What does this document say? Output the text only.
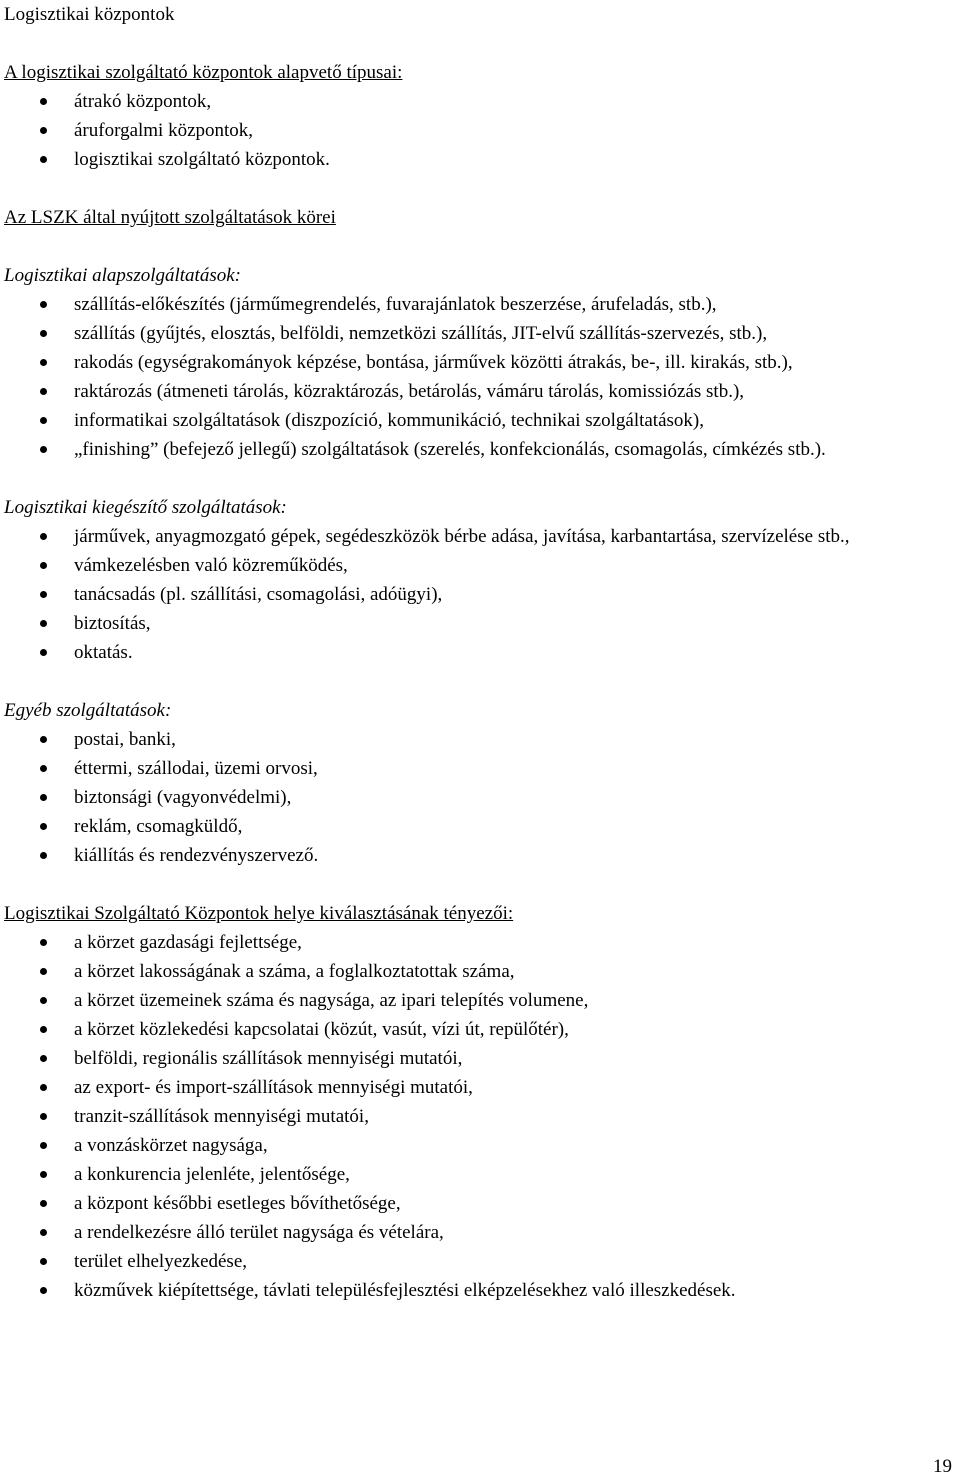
Logisztikai központok

A logisztikai szolgáltató központok alapvető típusai:

átrakó központok,
áruforgalmi központok,
logisztikai szolgáltató központok.

Az LSZK által nyújtott szolgáltatások körei

Logisztikai alapszolgáltatások:

szállítás-előkészítés (járműmegrendelés, fuvarajánlatok beszerzése, árufeladás, stb.),
szállítás (gyűjtés, elosztás, belföldi, nemzetközi szállítás, JIT-elvű szállítás-szervezés, stb.),
rakodás (egységrakományok képzése, bontása, járművek közötti átrakás, be-, ill. kirakás, stb.),
raktározás (átmeneti tárolás, közraktározás, betárolás, vámáru tárolás, komissiózás stb.),
informatikai szolgáltatások (diszpozíció, kommunikáció, technikai szolgáltatások),
„finishing” (befejező jellegű) szolgáltatások (szerelés, konfekcionálás, csomagolás, címkézés stb.).

Logisztikai kiegészítő szolgáltatások:

járművek, anyagmozgató gépek, segédeszközök bérbe adása, javítása, karbantartása, szervízelése stb.,
vámkezelésben való közreműködés,
tanácsadás (pl. szállítási, csomagolási, adóügyi),
biztosítás,
oktatás.

Egyéb szolgáltatások:

postai, banki,
éttermi, szállodai, üzemi orvosi,
biztonsági (vagyonvédelmi),
reklám, csomagküldő,
kiállítás és rendezvényszervező.

Logisztikai Szolgáltató Központok helye kiválasztásának tényezői:

a körzet gazdasági fejlettsége,
a körzet lakosságának a száma, a foglalkoztatottak száma,
a körzet üzemeinek száma és nagysága, az ipari telepítés volumene,
a körzet közlekedési kapcsolatai (közút, vasút, vízi út, repülőtér),
belföldi, regionális szállítások mennyiségi mutatói,
az export- és import-szállítások mennyiségi mutatói,
tranzit-szállítások mennyiségi mutatói,
a vonzáskörzet nagysága,
a konkurencia jelenléte, jelentősége,
a központ későbbi esetleges bővíthetősége,
a rendelkezésre álló terület nagysága és vételára,
terület elhelyezkedése,
közművek kiépítettsége, távlati településfejlesztési elképzelésekhez való illeszkedések.
19
